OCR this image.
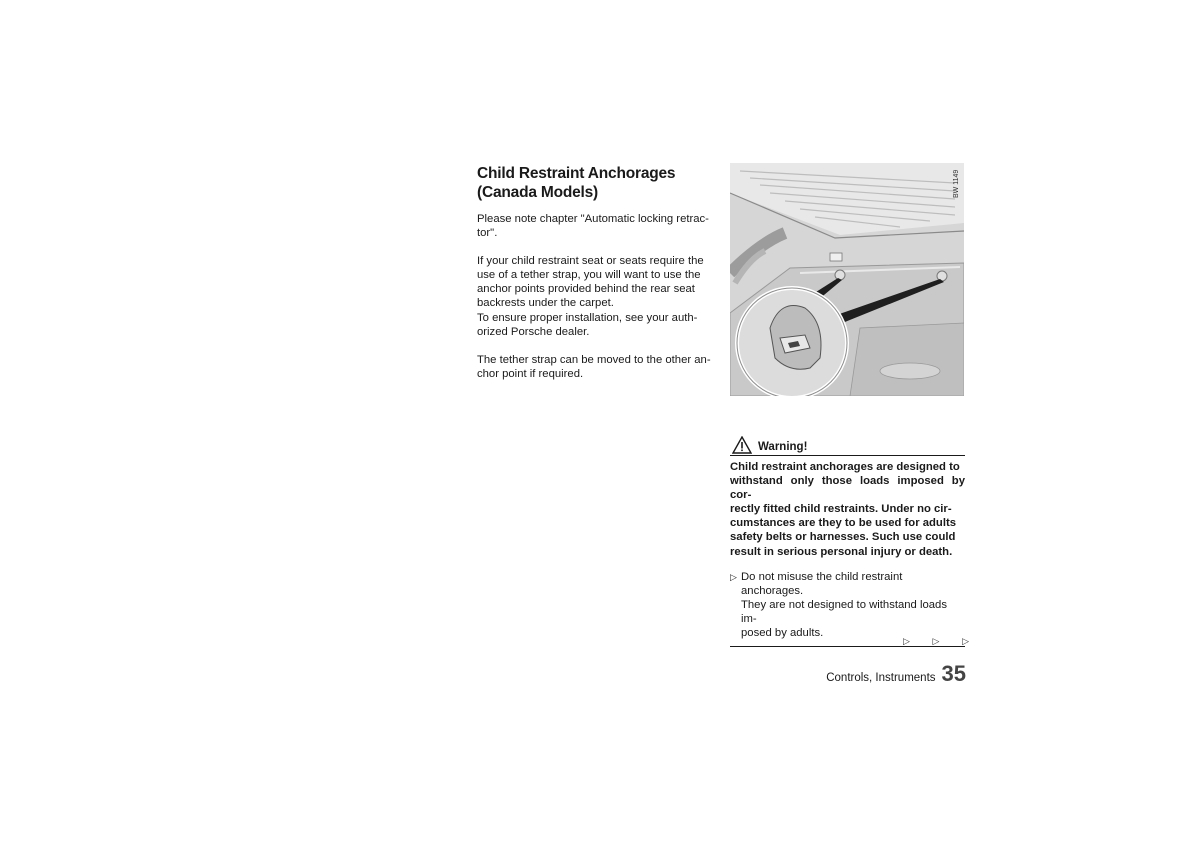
Child Restraint Anchorages
(Canada Models)
Please note chapter "Automatic locking retrac-
tor".
If your child restraint seat or seats require the
use of a tether strap, you will want to use the
anchor points provided behind the rear seat
backrests under the carpet.
To ensure proper installation, see your auth-
orized Porsche dealer.
The tether strap can be moved to the other an-
chor point if required.
BW 1149
Warning!
Child restraint anchorages are designed to
withstand only those loads imposed by cor-
rectly fitted child restraints. Under no cir-
cumstances are they to be used for adults
safety belts or harnesses. Such use could
result in serious personal injury or death.
▷ Do not misuse the child restraint anchorages.
They are not designed to withstand loads im-
posed by adults.
▷	▷	▷
Controls, Instruments 35
